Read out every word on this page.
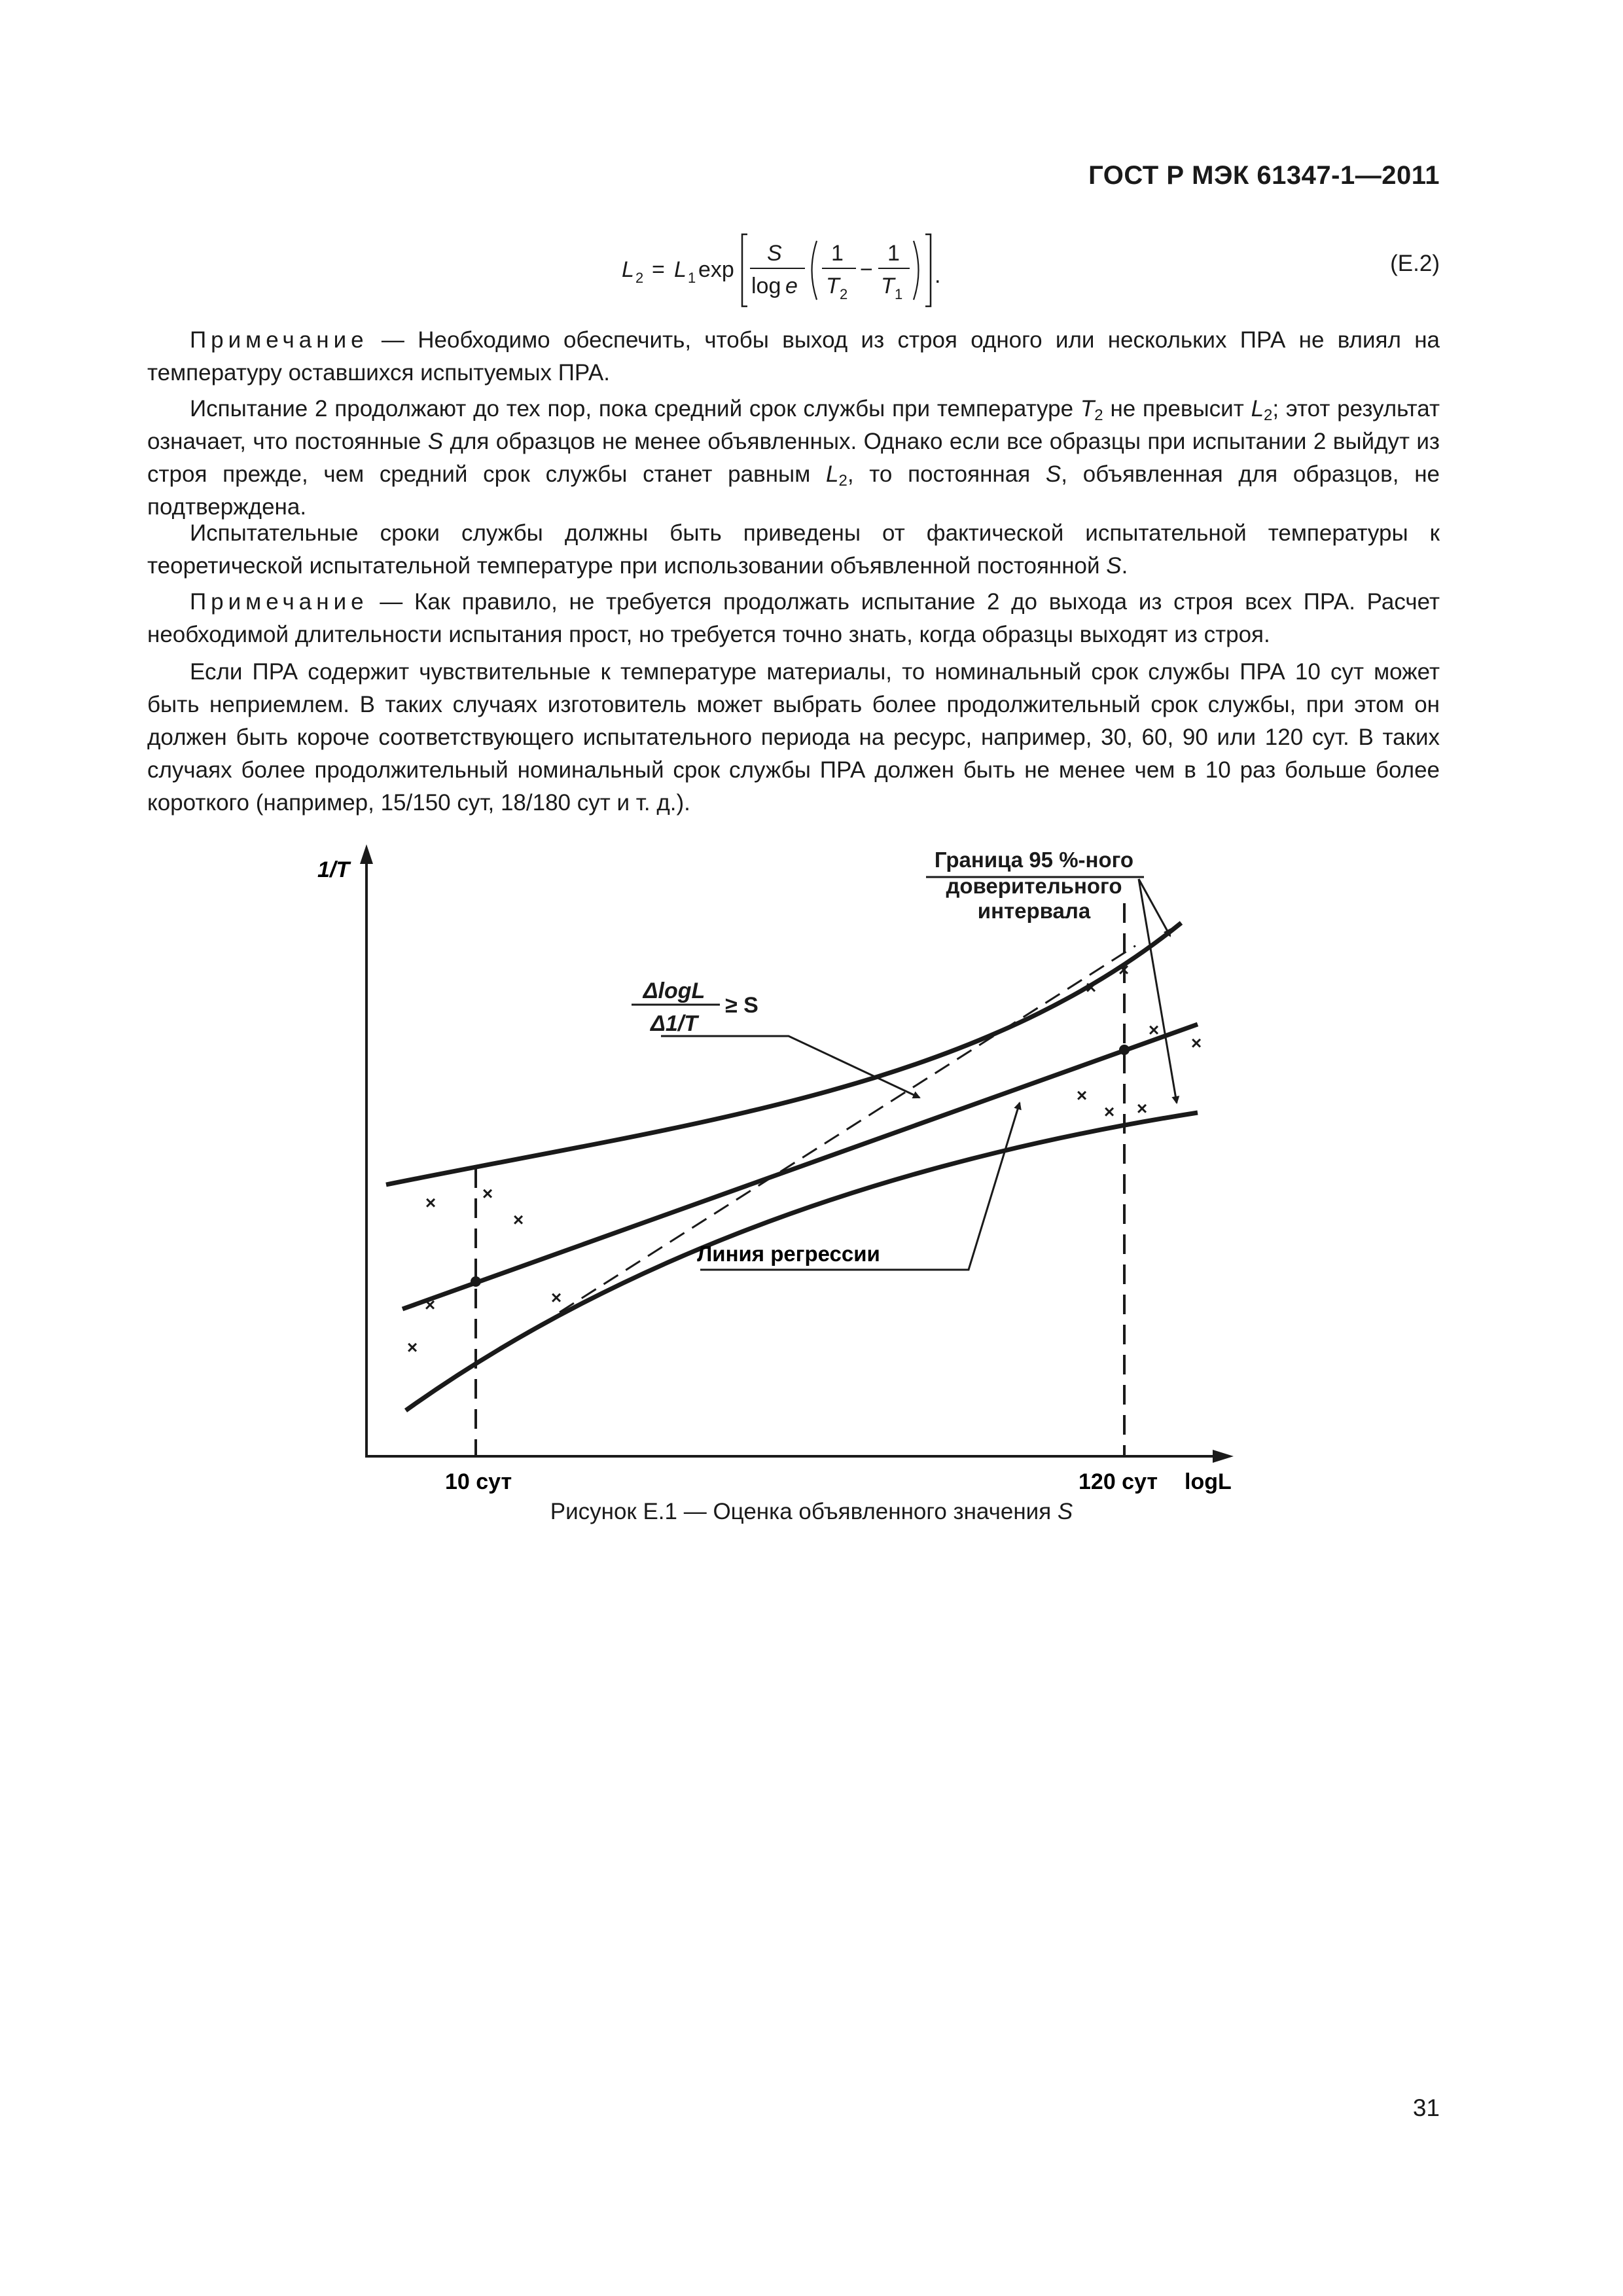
ГОСТ Р МЭК 61347-1—2011
L 2 = L 1 exp
S
log e
1
T 2
−
1
T 1
.	(E.2)

Примечание — Необходимо обеспечить, чтобы выход из строя одного или нескольких ПРА не влиял на температуру оставшихся испытуемых ПРА.

Испытание 2 продолжают до тех пор, пока средний срок службы при температуре $T_2$ не превысит $L_2$; этот результат означает, что постоянные S для образцов не менее объявленных. Однако если все образцы при испытании 2 выйдут из строя прежде, чем средний срок службы станет равным $L_2$, то постоянная S, объявленная для образцов, не подтверждена.

Испытательные сроки службы должны быть приведены от фактической испытательной температуры к теоретической испытательной температуре при использовании объявленной постоянной S.

Примечание — Как правило, не требуется продолжать испытание 2 до выхода из строя всех ПРА. Расчет необходимой длительности испытания прост, но требуется точно знать, когда образцы выходят из строя.

Если ПРА содержит чувствительные к температуре материалы, то номинальный срок службы ПРА 10 сут может быть неприемлем. В таких случаях изготовитель может выбрать более продолжительный срок службы, при этом он должен быть короче соответствующего испытательного периода на ресурс, например, 30, 60, 90 или 120 сут. В таких случаях более продолжительный номинальный срок службы ПРА должен быть не менее чем в 10 раз больше более короткого (например, 15/150 сут, 18/180 сут и т. д.).

1/T
logL
10 сут	120 сут
×	×
×
×
×
×
×
×
×
×
×
× ×
Граница 95 %-ного
доверительного
интервала
ΔlogL
Δ1/T
≥ S
Линия регрессии
Рисунок Е.1 — Оценка объявленного значения S
31
